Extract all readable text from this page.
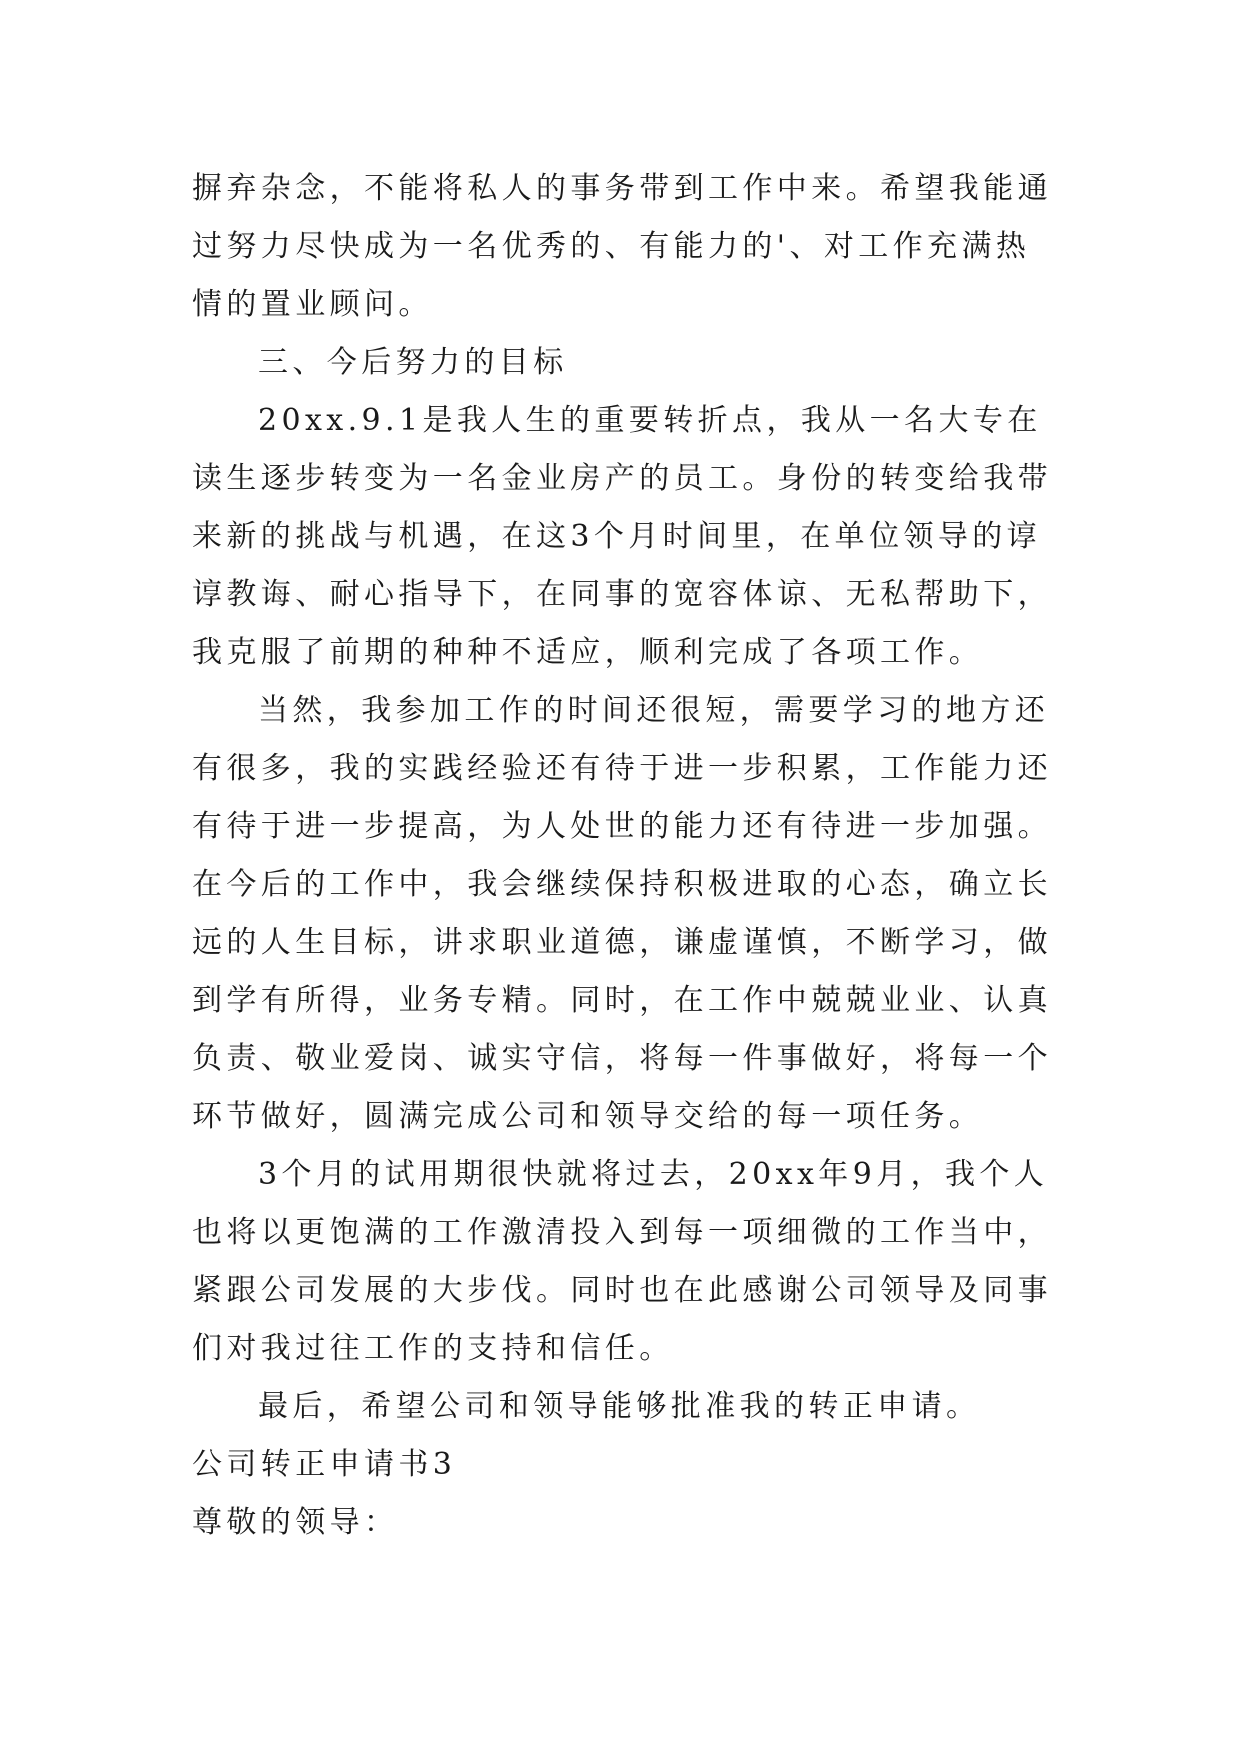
摒弃杂念，不能将私人的事务带到工作中来。希望我能通过努力尽快成为一名优秀的、有能力的'、对工作充满热情的置业顾问。

三、今后努力的目标

20xx.9.1是我人生的重要转折点，我从一名大专在读生逐步转变为一名金业房产的员工。身份的转变给我带来新的挑战与机遇，在这3个月时间里，在单位领导的谆谆教诲、耐心指导下，在同事的宽容体谅、无私帮助下，我克服了前期的种种不适应，顺利完成了各项工作。

当然，我参加工作的时间还很短，需要学习的地方还有很多，我的实践经验还有待于进一步积累，工作能力还有待于进一步提高，为人处世的能力还有待进一步加强。在今后的工作中，我会继续保持积极进取的心态，确立长远的人生目标，讲求职业道德，谦虚谨慎，不断学习，做到学有所得，业务专精。同时，在工作中兢兢业业、认真负责、敬业爱岗、诚实守信，将每一件事做好，将每一个环节做好，圆满完成公司和领导交给的每一项任务。

3个月的试用期很快就将过去，20xx年9月，我个人也将以更饱满的工作激清投入到每一项细微的工作当中，紧跟公司发展的大步伐。同时也在此感谢公司领导及同事们对我过往工作的支持和信任。

最后，希望公司和领导能够批准我的转正申请。

公司转正申请书3

尊敬的领导：
